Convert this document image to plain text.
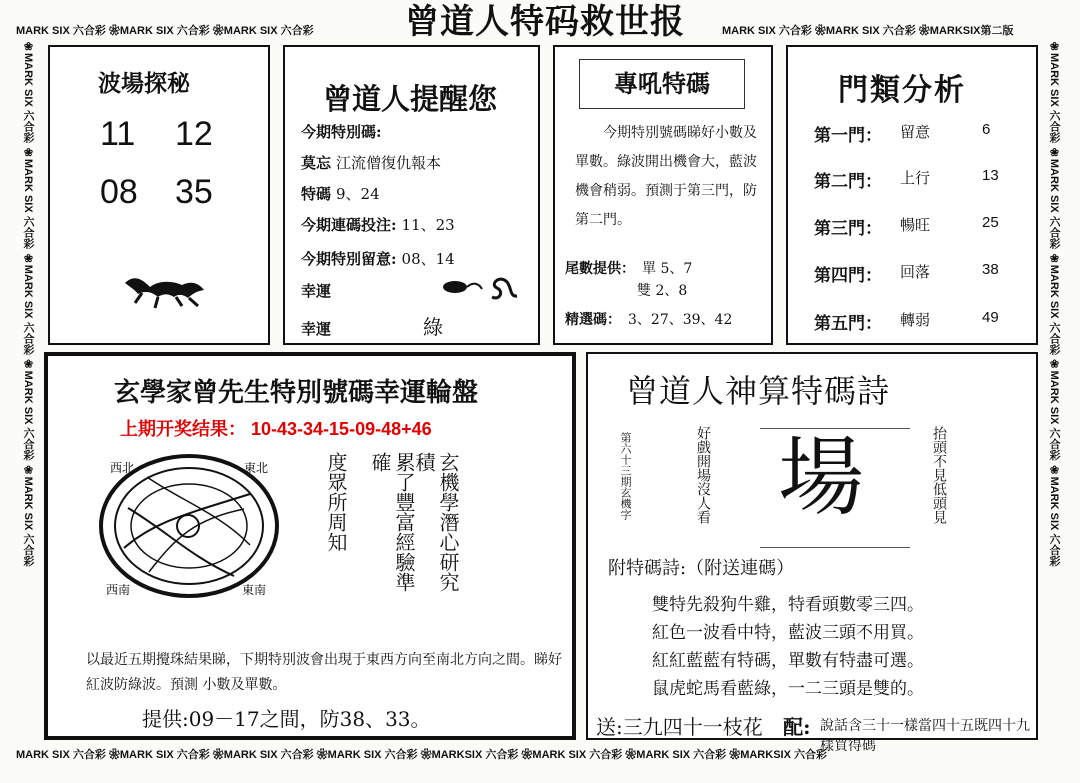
MARK SIX 六合彩 ❀MARK SIX 六合彩 ❀MARK SIX 六合彩	曾道人特码救世报	MARK SIX 六合彩 ❀MARK SIX 六合彩 ❀MARKSIX第二版
❀MARK SIX 六合彩 ❀MARK SIX 六合彩 ❀MARK SIX 六合彩 ❀MARK SIX 六合彩 ❀MARK SIX 六合彩	❀MARK SIX 六合彩 ❀MARK SIX 六合彩 ❀MARK SIX 六合彩 ❀MARK SIX 六合彩 ❀MARK SIX 六合彩
MARK SIX 六合彩 ❀MARK SIX 六合彩 ❀MARK SIX 六合彩 ❀MARK SIX 六合彩 ❀MARKSIX 六合彩 ❀MARK SIX 六合彩 ❀MARK SIX 六合彩 ❀MARKSIX 六合彩
波場探秘
11 12
08 35
曾道人提醒您
今期特別碼:
莫忘 江流僧復仇報本
特碼 9、24
今期連碼投注: 11、23
今期特別留意: 08、14
幸運
幸運	綠
專吼特碼
今期特別號碼睇好小數及單數。綠波開出機會大，藍波機會稍弱。預測于第三門，防第二門。
尾數提供： 單 5、7
雙 2、8
精選碼： 3、27、39、42
門類分析
第一門： 留意	6
第二門： 上行	13
第三門： 暢旺	25
第四門： 回落	38
第五門： 轉弱	49
玄學家曾先生特別號碼幸運輪盤
上期开奖结果： 10-43-34-15-09-48+46
西北	東北
西南	東南	玄機學潛心研究積
累了豐富經驗準確
度眾所周知
以最近五期攪珠結果睇，下期特別波會出現于東西方向至南北方向之間。睇好紅波防綠波。預測 小數及單數。
提供:09－17之間，防38、33。
曾道人神算特碼詩
第六十三期玄機字	好戲開場沒人看 場	抬頭不見低頭見
附特碼詩:（附送連碼）
雙特先殺狗牛雞，特看頭數零三四。
紅色一波看中特，藍波三頭不用買。
紅紅藍藍有特碼，單數有特盡可選。
鼠虎蛇馬看藍綠，一二三頭是雙的。
送:三九四十一枝花 配: 說話含三十一樣當四十五既四十九樣買得碼
